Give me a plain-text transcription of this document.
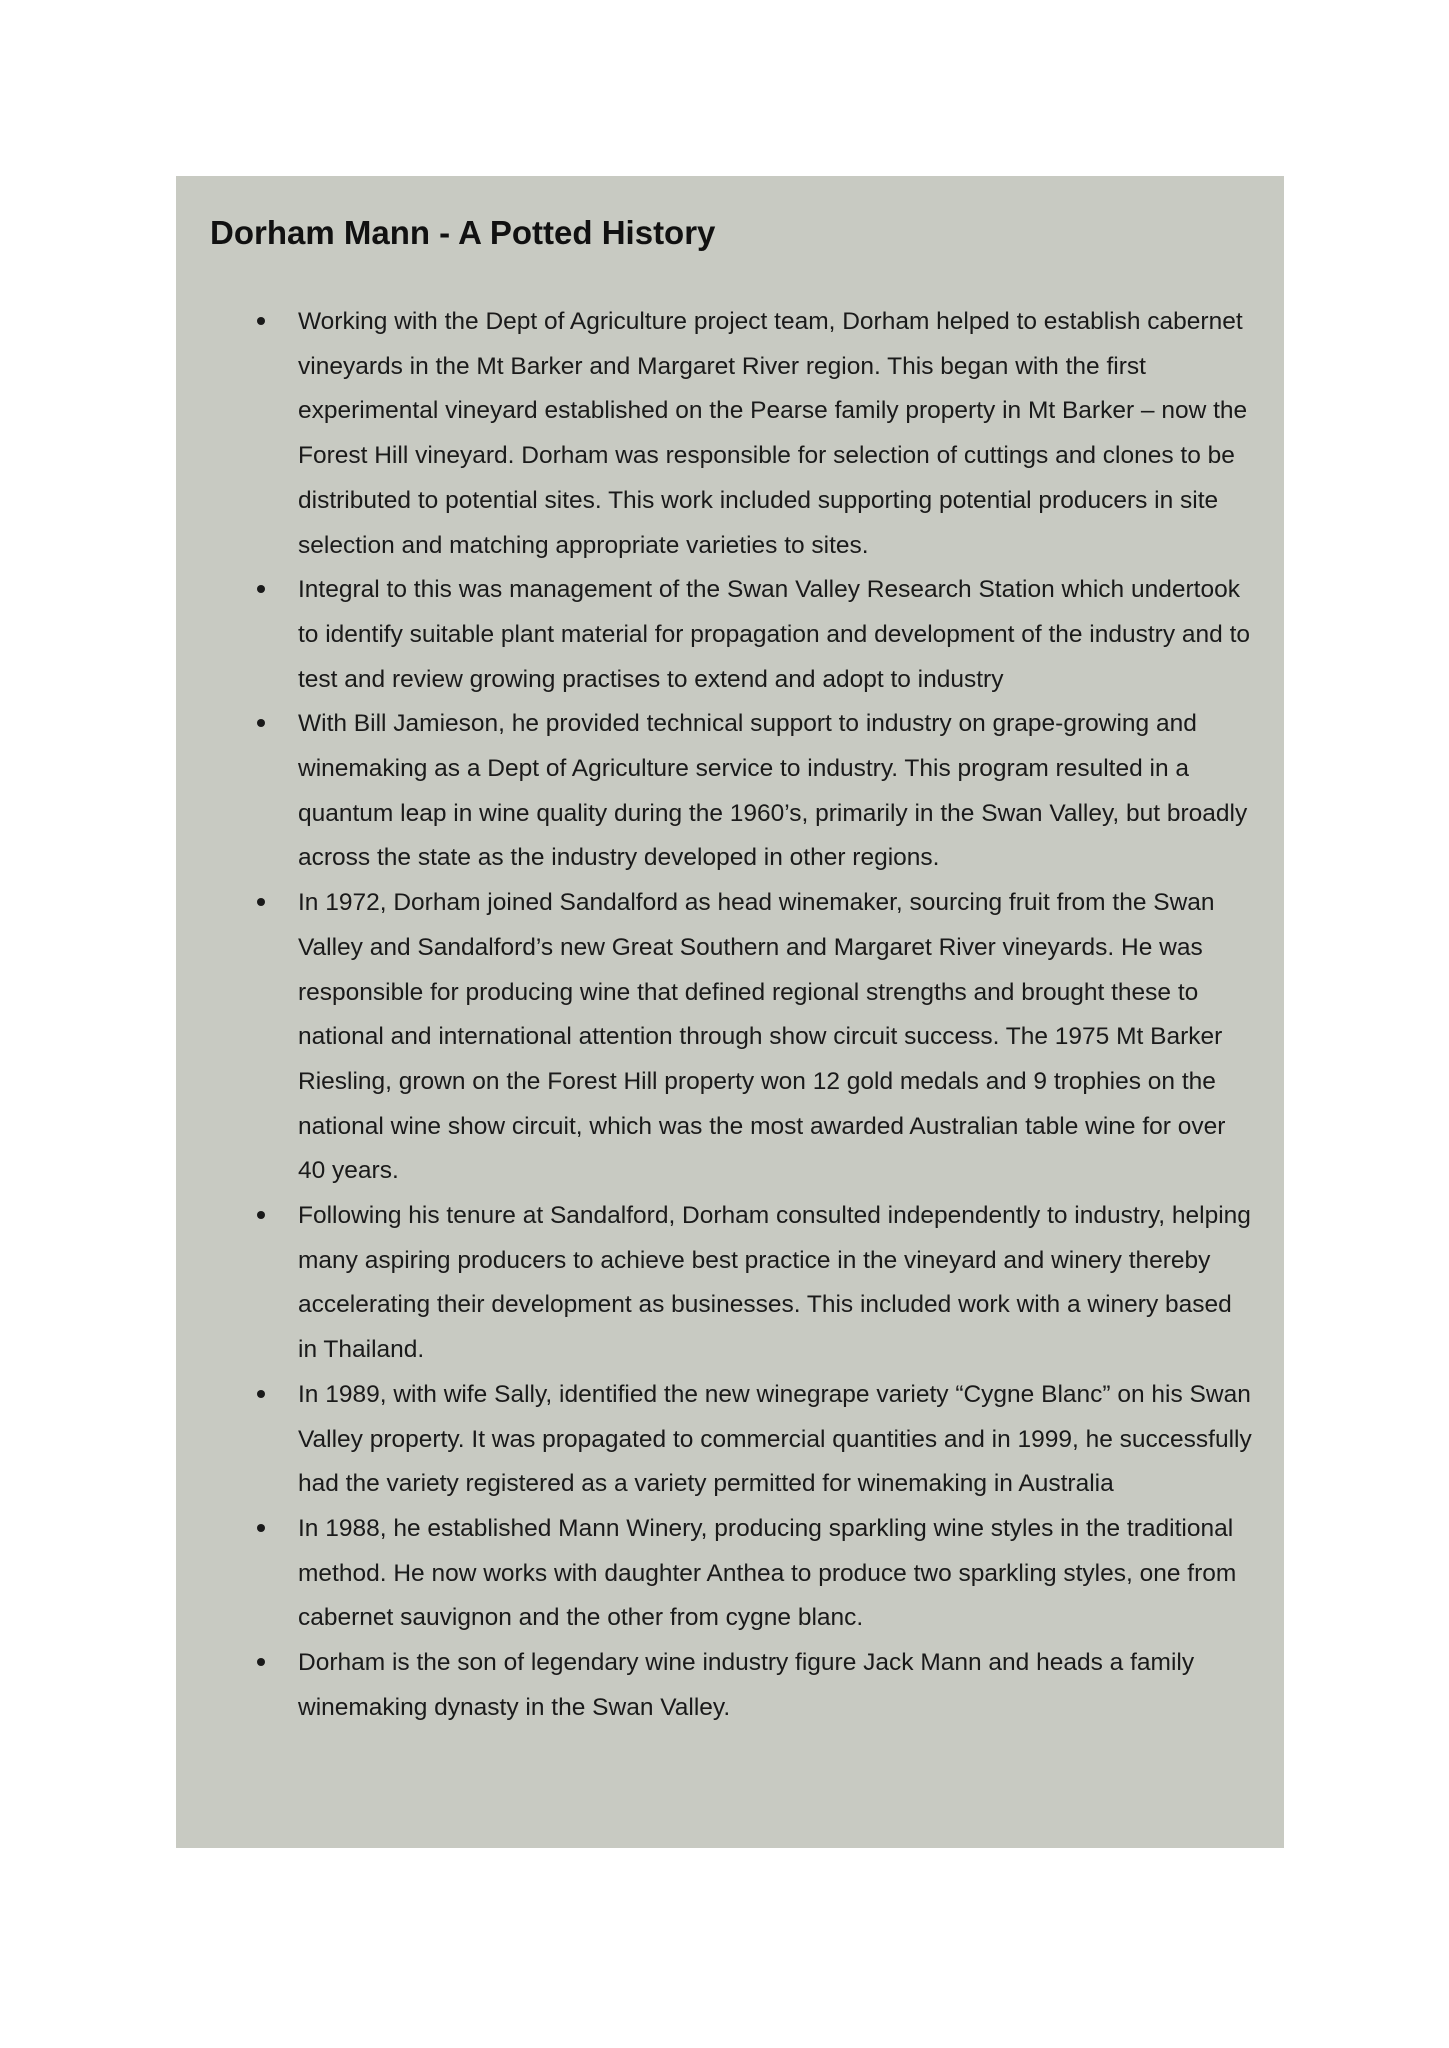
Dorham Mann - A Potted History
Working with the Dept of Agriculture project team, Dorham helped to establish cabernet vineyards in the Mt Barker and Margaret River region. This began with the first experimental vineyard established on the Pearse family property in Mt Barker – now the Forest Hill vineyard. Dorham was responsible for selection of cuttings and clones to be distributed to potential sites. This work included supporting potential producers in site selection and matching appropriate varieties to sites.
Integral to this was management of the Swan Valley Research Station which undertook to identify suitable plant material for propagation and development of the industry and to test and review growing practises to extend and adopt to industry
With Bill Jamieson, he provided technical support to industry on grape-growing and winemaking as a Dept of Agriculture service to industry. This program resulted in a quantum leap in wine quality during the 1960’s, primarily in the Swan Valley, but broadly across the state as the industry developed in other regions.
In 1972, Dorham joined Sandalford as head winemaker, sourcing fruit from the Swan Valley and Sandalford’s new Great Southern and Margaret River vineyards. He was responsible for producing wine that defined regional strengths and brought these to national and international attention through show circuit success. The 1975 Mt Barker Riesling, grown on the Forest Hill property won 12 gold medals and 9 trophies on the national wine show circuit, which was the most awarded Australian table wine for over 40 years.
Following his tenure at Sandalford, Dorham consulted independently to industry, helping many aspiring producers to achieve best practice in the vineyard and winery thereby accelerating their development as businesses. This included work with a winery based in Thailand.
In 1989, with wife Sally, identified the new winegrape variety “Cygne Blanc” on his Swan Valley property. It was propagated to commercial quantities and in 1999, he successfully had the variety registered as a variety permitted for winemaking in Australia
In 1988, he established Mann Winery, producing sparkling wine styles in the traditional method. He now works with daughter Anthea to produce two sparkling styles, one from cabernet sauvignon and the other from cygne blanc.
Dorham is the son of legendary wine industry figure Jack Mann and heads a family winemaking dynasty in the Swan Valley.
